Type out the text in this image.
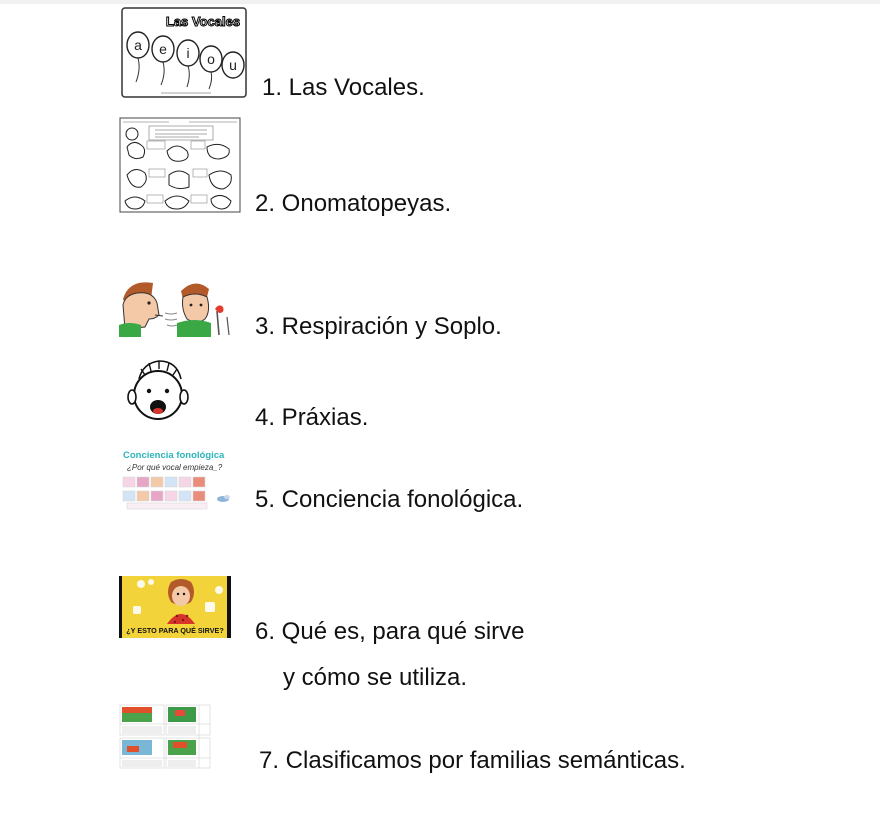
Las Vocales
a e i o u
1. Las Vocales.
2. Onomatopeyas.
3. Respiración y Soplo.
4. Práxias.
Conciencia fonológica
¿Por qué vocal empieza_?
5. Conciencia fonológica.
¿Y ESTO PARA QUÉ SIRVE? 6. Qué es, para qué sirve
y cómo se utiliza.
7. Clasificamos por familias semánticas.
